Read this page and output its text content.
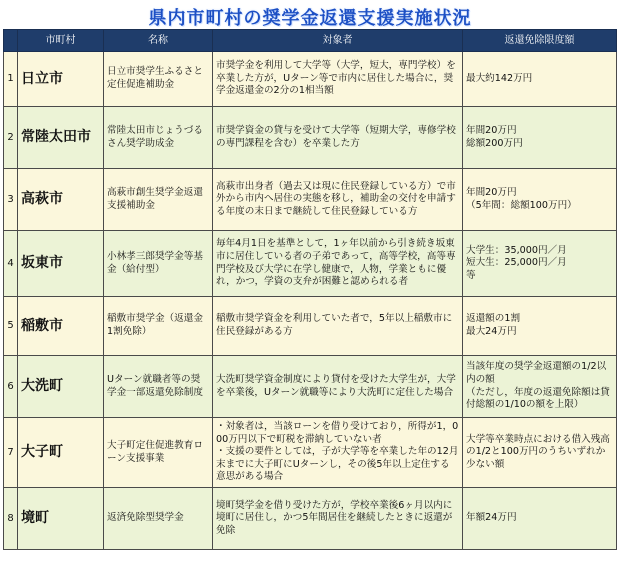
県内市町村の奨学金返還支援実施状況
	市町村	名称	対象者	返還免除限度額
1	日立市	日立市奨学生ふるさと定住促進補助金	市奨学金を利用して大学等（大学，短大，専門学校）を卒業した方が，Uターン等で市内に居住した場合に，奨学金返還金の2分の1相当額	最大約142万円
2	常陸太田市	常陸太田市じょうづるさん奨学助成金	市奨学資金の貸与を受けて大学等（短期大学，専修学校の専門課程を含む）を卒業した方	年間20万円
総額200万円
3	高萩市	高萩市創生奨学金返還支援補助金	高萩市出身者（過去又は現に住民登録している方）で市外から市内へ居住の実態を移し，補助金の交付を申請する年度の末日まで継続して住民登録している方	年間20万円
（5年間：総額100万円）
4	坂東市	小林孝三郎奨学金等基金（給付型）	毎年4月1日を基準として，1ヶ年以前から引き続き坂東市に居住している者の子弟であって，高等学校，高等専門学校及び大学に在学し健康で，人物，学業ともに優れ，かつ，学資の支弁が困難と認められる者	大学生：35,000円／月
短大生：25,000円／月
等
5	稲敷市	稲敷市奨学金（返還金1割免除）	稲敷市奨学資金を利用していた者で，5年以上稲敷市に住民登録がある方	返還額の1割
最大24万円
6	大洗町	Uターン就職者等の奨学金一部返還免除制度	大洗町奨学資金制度により貸付を受けた大学生が，大学を卒業後，Uターン就職等により大洗町に定住した場合	当該年度の奨学金返還額の1/2以内の額
（ただし，年度の返還免除額は貸付総額の1/10の額を上限）
7	大子町	大子町定住促進教育ローン支援事業	・対象者は，当該ローンを借り受けており，所得が1，000万円以下で町税を滞納していない者
・支援の要件としては，子が大学等を卒業した年の12月末までに大子町にUターンし，その後5年以上定住する意思がある場合	大学等卒業時点における借入残高の1/2と100万円のうちいずれか少ない額
8	境町	返済免除型奨学金	境町奨学金を借り受けた方が，学校卒業後6ヶ月以内に境町に居住し，かつ5年間居住を継続したときに返還が免除	年額24万円
